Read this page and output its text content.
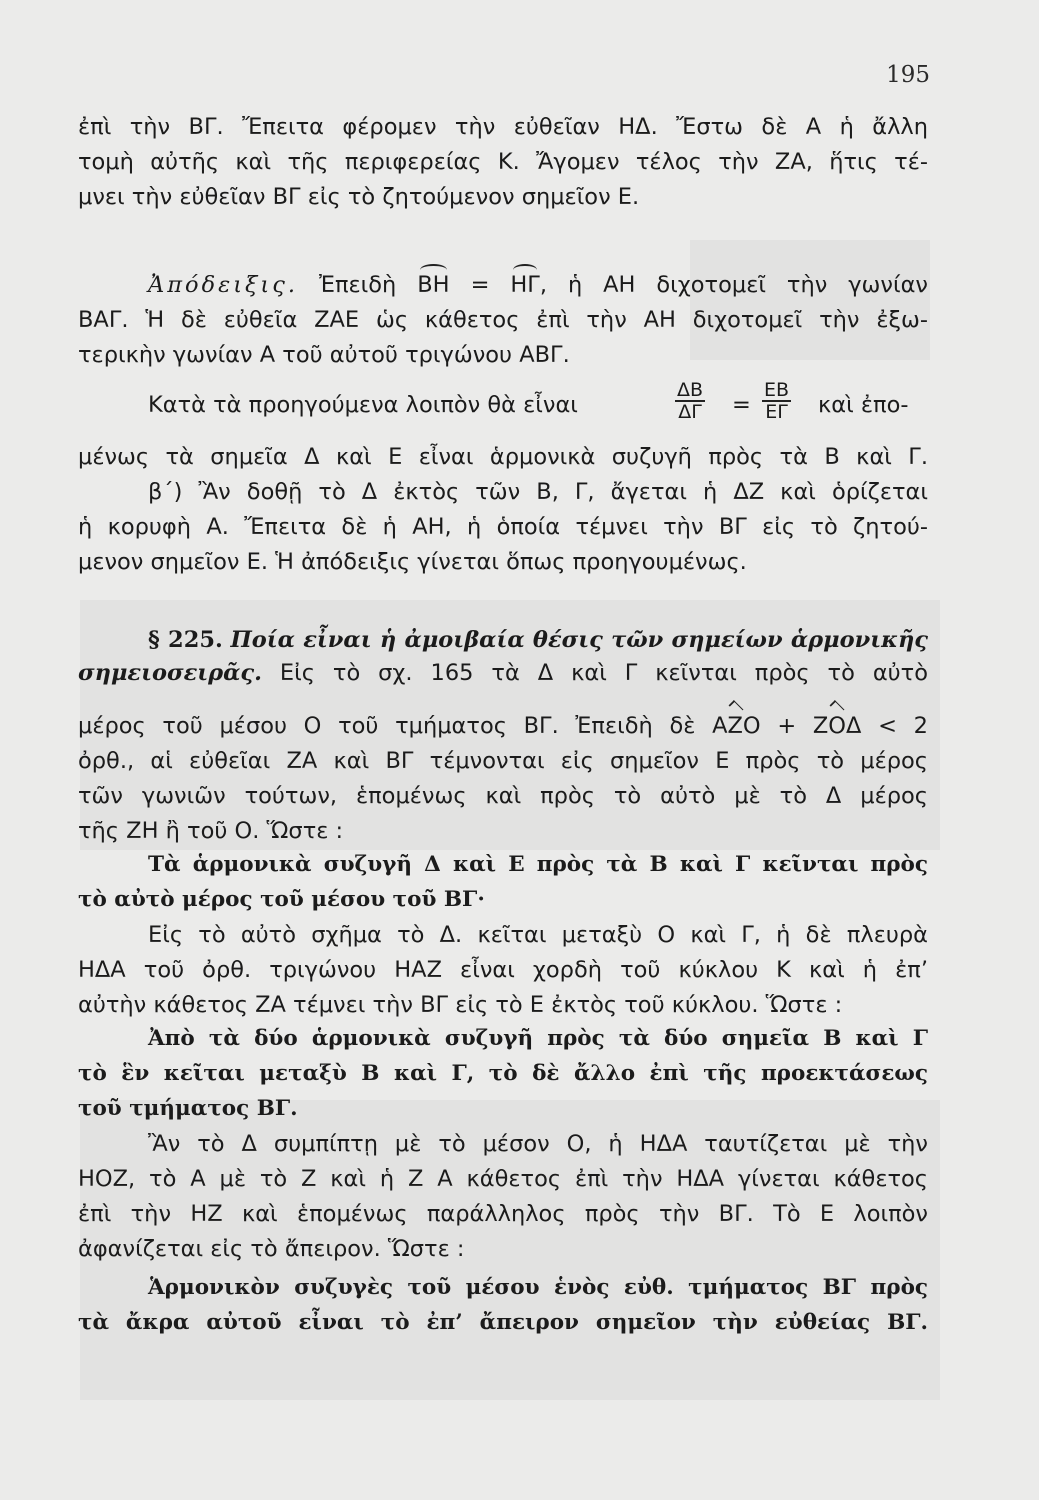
195
ἐπὶ τὴν ΒΓ. Ἔπειτα φέρομεν τὴν εὐθεῖαν ΗΔ. Ἔστω δὲ Α ἡ ἄλλη
τομὴ αὐτῆς καὶ τῆς περιφερείας Κ. Ἄγομεν τέλος τὴν ΖΑ, ἥτις τέ-
μνει τὴν εὐθεῖαν ΒΓ εἰς τὸ ζητούμενον σημεῖον Ε.
Ἀπόδειξις. Ἐπειδὴ ΒΗ = ΗΓ, ἡ ΑΗ διχοτομεῖ τὴν γωνίαν
ΒΑΓ. Ἡ δὲ εὐθεῖα ΖΑΕ ὡς κάθετος ἐπὶ τὴν ΑΗ διχοτομεῖ τὴν ἐξω-
τερικὴν γωνίαν Α τοῦ αὐτοῦ τριγώνου ΑΒΓ.
Κατὰ τὰ προηγούμενα λοιπὸν θὰ εἶναι	$\frac{\Delta B}{\Delta\Gamma} = \frac{EB}{E\Gamma}$ καὶ ἐπο-
μένως τὰ σημεῖα Δ καὶ Ε εἶναι ἁρμονικὰ συζυγῆ πρὸς τὰ Β καὶ Γ.
β΄) Ἂν δοθῇ τὸ Δ ἐκτὸς τῶν Β, Γ, ἄγεται ἡ ΔΖ καὶ ὁρίζεται
ἡ κορυφὴ Α. Ἔπειτα δὲ ἡ ΑΗ, ἡ ὁποία τέμνει τὴν ΒΓ εἰς τὸ ζητού-
μενον σημεῖον Ε. Ἡ ἀπόδειξις γίνεται ὅπως προηγουμένως.
§ 225. Ποία εἶναι ἡ ἀμοιβαία θέσις τῶν σημείων ἁρμονικῆς
σημειοσειρᾶς. Εἰς τὸ σχ. 165 τὰ Δ καὶ Γ κεῖνται πρὸς τὸ αὐτὸ
μέρος τοῦ μέσου Ο τοῦ τμήματος ΒΓ. Ἐπειδὴ δὲ ΑΖΟ + ΖΟΔ < 2
ὀρθ., αἱ εὐθεῖαι ΖΑ καὶ ΒΓ τέμνονται εἰς σημεῖον Ε πρὸς τὸ μέρος
τῶν γωνιῶν τούτων, ἑπομένως καὶ πρὸς τὸ αὐτὸ μὲ τὸ Δ μέρος
τῆς ΖΗ ἢ τοῦ Ο. Ὥστε :
Τὰ ἁρμονικὰ συζυγῆ Δ καὶ Ε πρὸς τὰ Β καὶ Γ κεῖνται πρὸς
τὸ αὐτὸ μέρος τοῦ μέσου τοῦ ΒΓ·
Εἰς τὸ αὐτὸ σχῆμα τὸ Δ. κεῖται μεταξὺ Ο καὶ Γ, ἡ δὲ πλευρὰ
ΗΔΑ τοῦ ὀρθ. τριγώνου ΗΑΖ εἶναι χορδὴ τοῦ κύκλου Κ καὶ ἡ ἐπ’
αὐτὴν κάθετος ΖΑ τέμνει τὴν ΒΓ εἰς τὸ Ε ἐκτὸς τοῦ κύκλου. Ὥστε :
Ἀπὸ τὰ δύο ἁρμονικὰ συζυγῆ πρὸς τὰ δύο σημεῖα Β καὶ Γ
τὸ ἓν κεῖται μεταξὺ Β καὶ Γ, τὸ δὲ ἄλλο ἐπὶ τῆς προεκτάσεως
τοῦ τμήματος ΒΓ.
Ἂν τὸ Δ συμπίπτῃ μὲ τὸ μέσον Ο, ἡ ΗΔΑ ταυτίζεται μὲ τὴν
ΗΟΖ, τὸ Α μὲ τὸ Ζ καὶ ἡ Ζ Α κάθετος ἐπὶ τὴν ΗΔΑ γίνεται κάθετος
ἐπὶ τὴν ΗΖ καὶ ἑπομένως παράλληλος πρὸς τὴν ΒΓ. Τὸ Ε λοιπὸν
ἀφανίζεται εἰς τὸ ἄπειρον. Ὥστε :
Ἁρμονικὸν συζυγὲς τοῦ μέσου ἑνὸς εὐθ. τμήματος ΒΓ πρὸς
τὰ ἄκρα αὐτοῦ εἶναι τὸ ἐπ’ ἄπειρον σημεῖον τὴν εὐθείας ΒΓ.
